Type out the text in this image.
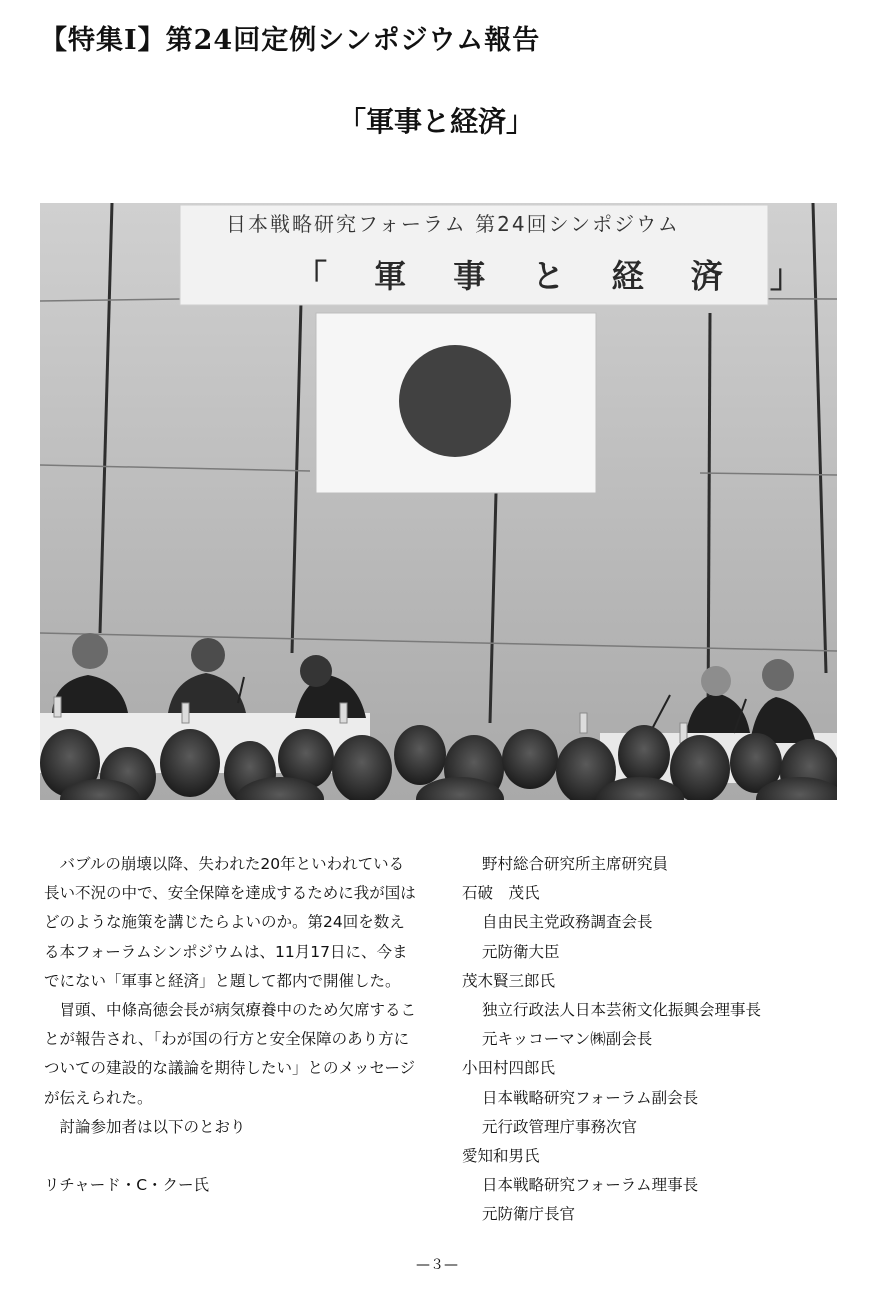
【特集Ⅰ】第24回定例シンポジウム報告
「軍事と経済」
日本戦略研究フォーラム 第24回シンポジウム
「 軍 事 と 経 済 」

バブルの崩壊以降、失われた20年といわれている長い不況の中で、安全保障を達成するために我が国はどのような施策を講じたらよいのか。第24回を数える本フォーラムシンポジウムは、11月17日に、今までにない「軍事と経済」と題して都内で開催した。

冒頭、中條高徳会長が病気療養中のため欠席することが報告され、「わが国の行方と安全保障のあり方についての建設的な議論を期待したい」とのメッセージが伝えられた。

討論参加者は以下のとおり

リチャード・C・クー氏

野村総合研究所主席研究員
石破　茂氏
自由民主党政務調査会長
元防衛大臣
茂木賢三郎氏
独立行政法人日本芸術文化振興会理事長
元キッコーマン㈱副会長
小田村四郎氏
日本戦略研究フォーラム副会長
元行政管理庁事務次官
愛知和男氏
日本戦略研究フォーラム理事長
元防衛庁長官
—３—
